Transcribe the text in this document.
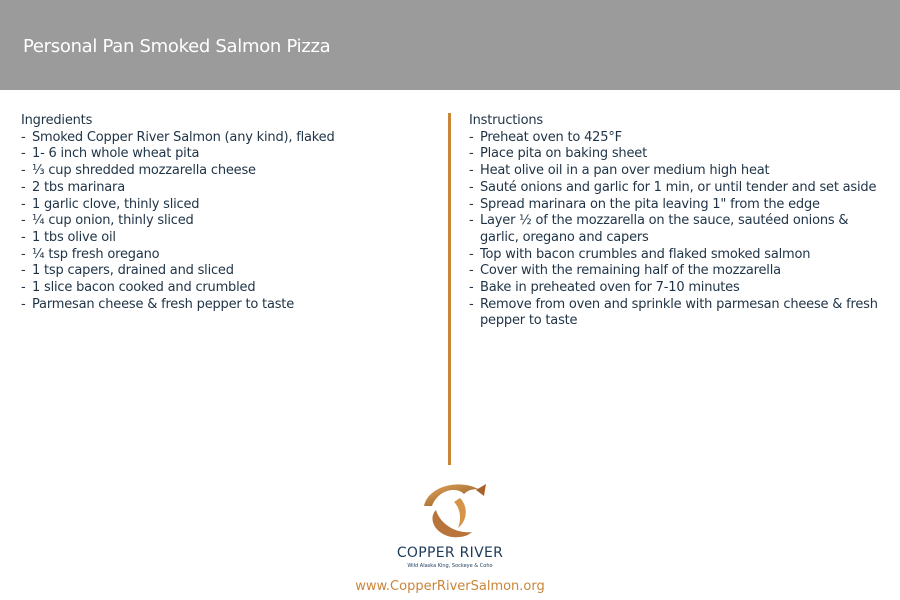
Personal Pan Smoked Salmon Pizza
Ingredients
- Smoked Copper River Salmon (any kind), flaked
- 1- 6 inch whole wheat pita
- ⅓ cup shredded mozzarella cheese
- 2 tbs marinara
- 1 garlic clove, thinly sliced
- ¼ cup onion, thinly sliced
- 1 tbs olive oil
- ¼ tsp fresh oregano
- 1 tsp capers, drained and sliced
- 1 slice bacon cooked and crumbled
- Parmesan cheese & fresh pepper to taste
Instructions
- Preheat oven to 425°F
- Place pita on baking sheet
- Heat olive oil in a pan over medium high heat
- Sauté onions and garlic for 1 min, or until tender and set aside
- Spread marinara on the pita leaving 1" from the edge
- Layer ½ of the mozzarella on the sauce, sautéed onions & garlic, oregano and capers
- Top with bacon crumbles and flaked smoked salmon
- Cover with the remaining half of the mozzarella
- Bake in preheated oven for 7-10 minutes
- Remove from oven and sprinkle with parmesan cheese & fresh pepper to taste
COPPER RIVER
Wild Alaska King, Sockeye & Coho
www.CopperRiverSalmon.org
